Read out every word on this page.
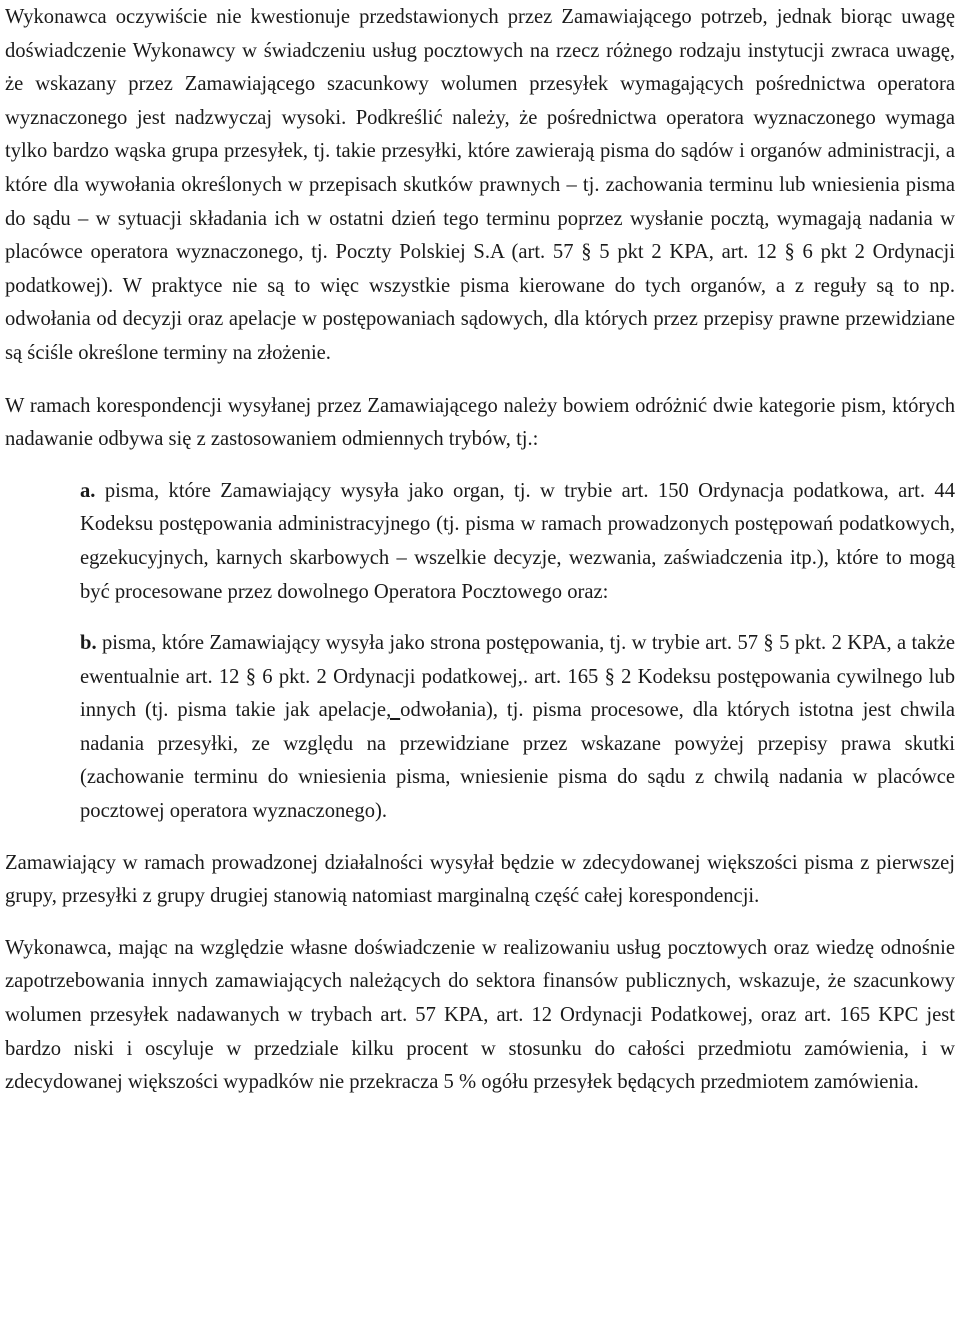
Wykonawca oczywiście nie kwestionuje przedstawionych przez Zamawiającego potrzeb, jednak biorąc uwagę doświadczenie Wykonawcy w świadczeniu usług pocztowych na rzecz różnego rodzaju instytucji zwraca uwagę, że wskazany przez Zamawiającego szacunkowy wolumen przesyłek wymagających pośrednictwa operatora wyznaczonego jest nadzwyczaj wysoki. Podkreślić należy, że pośrednictwa operatora wyznaczonego wymaga tylko bardzo wąska grupa przesyłek, tj. takie przesyłki, które zawierają pisma do sądów i organów administracji, a które dla wywołania określonych w przepisach skutków prawnych – tj. zachowania terminu lub wniesienia pisma do sądu – w sytuacji składania ich w ostatni dzień tego terminu poprzez wysłanie pocztą, wymagają nadania w placówce operatora wyznaczonego, tj. Poczty Polskiej S.A (art. 57 § 5 pkt 2 KPA, art. 12 § 6 pkt 2 Ordynacji podatkowej). W praktyce nie są to więc wszystkie pisma kierowane do tych organów, a z reguły są to np. odwołania od decyzji oraz apelacje w postępowaniach sądowych, dla których przez przepisy prawne przewidziane są ściśle określone terminy na złożenie.

W ramach korespondencji wysyłanej przez Zamawiającego należy bowiem odróżnić dwie kategorie pism, których nadawanie odbywa się z zastosowaniem odmiennych trybów, tj.:

a. pisma, które Zamawiający wysyła jako organ, tj. w trybie art. 150 Ordynacja podatkowa, art. 44 Kodeksu postępowania administracyjnego (tj. pisma w ramach prowadzonych postępowań podatkowych, egzekucyjnych, karnych skarbowych – wszelkie decyzje, wezwania, zaświadczenia itp.), które to mogą być procesowane przez dowolnego Operatora Pocztowego oraz:

b. pisma, które Zamawiający wysyła jako strona postępowania, tj. w trybie art. 57 § 5 pkt. 2 KPA, a także ewentualnie art. 12 § 6 pkt. 2 Ordynacji podatkowej,. art. 165 § 2 Kodeksu postępowania cywilnego lub innych (tj. pisma takie jak apelacje, odwołania), tj. pisma procesowe, dla których istotna jest chwila nadania przesyłki, ze względu na przewidziane przez wskazane powyżej przepisy prawa skutki (zachowanie terminu do wniesienia pisma, wniesienie pisma do sądu z chwilą nadania w placówce pocztowej operatora wyznaczonego).

Zamawiający w ramach prowadzonej działalności wysyłał będzie w zdecydowanej większości pisma z pierwszej grupy, przesyłki z grupy drugiej stanowią natomiast marginalną część całej korespondencji.

Wykonawca, mając na względzie własne doświadczenie w realizowaniu usług pocztowych oraz wiedzę odnośnie zapotrzebowania innych zamawiających należących do sektora finansów publicznych, wskazuje, że szacunkowy wolumen przesyłek nadawanych w trybach art. 57 KPA, art. 12 Ordynacji Podatkowej, oraz art. 165 KPC jest bardzo niski i oscyluje w przedziale kilku procent w stosunku do całości przedmiotu zamówienia, i w zdecydowanej większości wypadków nie przekracza 5 % ogółu przesyłek będących przedmiotem zamówienia.
